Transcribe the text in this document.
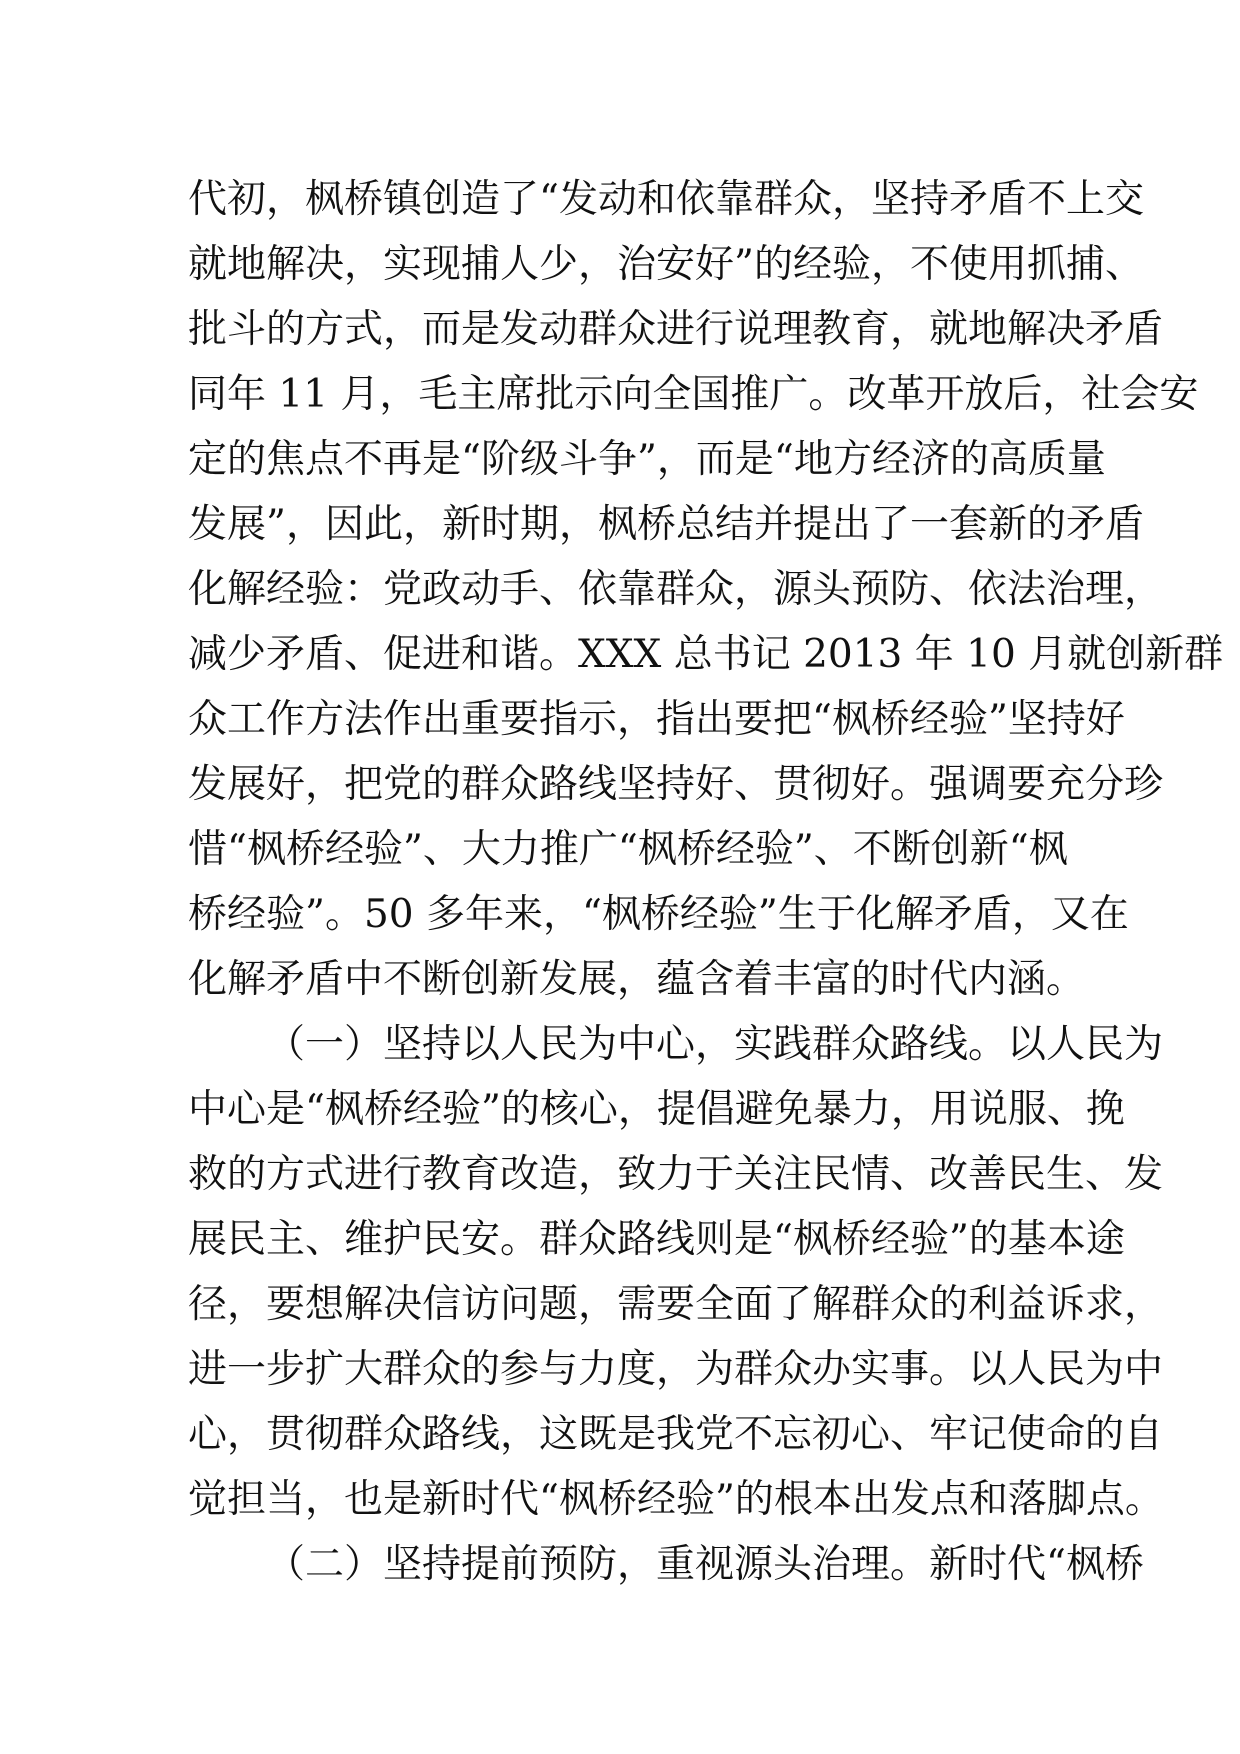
代初，枫桥镇创造了“发动和依靠群众，坚持矛盾不上交
就地解决，实现捕人少，治安好”的经验，不使用抓捕、
批斗的方式，而是发动群众进行说理教育，就地解决矛盾
同年 11 月，毛主席批示向全国推广。改革开放后，社会安
定的焦点不再是“阶级斗争”，而是“地方经济的高质量
发展”，因此，新时期，枫桥总结并提出了一套新的矛盾
化解经验：党政动手、依靠群众，源头预防、依法治理，
减少矛盾、促进和谐。XXX 总书记 2013 年 10 月就创新群
众工作方法作出重要指示，指出要把“枫桥经验”坚持好
发展好，把党的群众路线坚持好、贯彻好。强调要充分珍
惜“枫桥经验”、大力推广“枫桥经验”、不断创新“枫
桥经验”。50 多年来，“枫桥经验”生于化解矛盾，又在
化解矛盾中不断创新发展，蕴含着丰富的时代内涵。
（一）坚持以人民为中心，实践群众路线。以人民为
中心是“枫桥经验”的核心，提倡避免暴力，用说服、挽
救的方式进行教育改造，致力于关注民情、改善民生、发
展民主、维护民安。群众路线则是“枫桥经验”的基本途
径，要想解决信访问题，需要全面了解群众的利益诉求，
进一步扩大群众的参与力度，为群众办实事。以人民为中
心，贯彻群众路线，这既是我党不忘初心、牢记使命的自
觉担当，也是新时代“枫桥经验”的根本出发点和落脚点。
（二）坚持提前预防，重视源头治理。新时代“枫桥
